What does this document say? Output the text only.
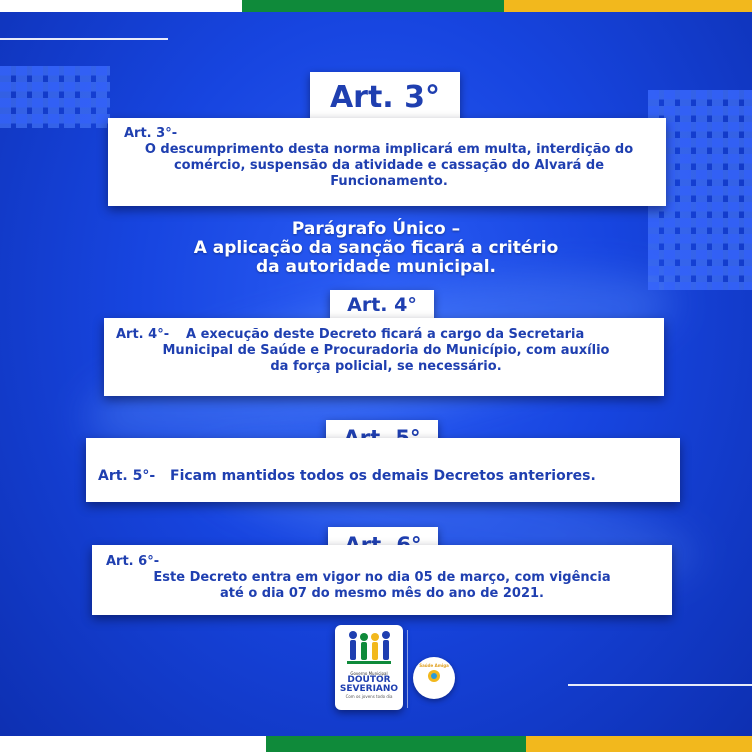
Art. 3°
Art. 3°-
O descumprimento desta norma implicará em multa, interdição do comércio, suspensão da atividade e cassação do Alvará de Funcionamento.
Parágrafo Único –
A aplicação da sanção ficará a critério
da autoridade municipal.
Art. 4°
Art. 4°- A execução deste Decreto ficará a cargo da Secretaria
Municipal de Saúde e Procuradoria do Município, com auxílio
da força policial, se necessário.
Art. 5°- Ficam mantidos todos os demais Decretos anteriores.
Art. 6°-
Este Decreto entra em vigor no dia 05 de março, com vigência
até o dia 07 do mesmo mês do ano de 2021.
Governo Municipal
DOUTOR
SEVERIANO
Com os jovens todo dia
Saúde Amiga
